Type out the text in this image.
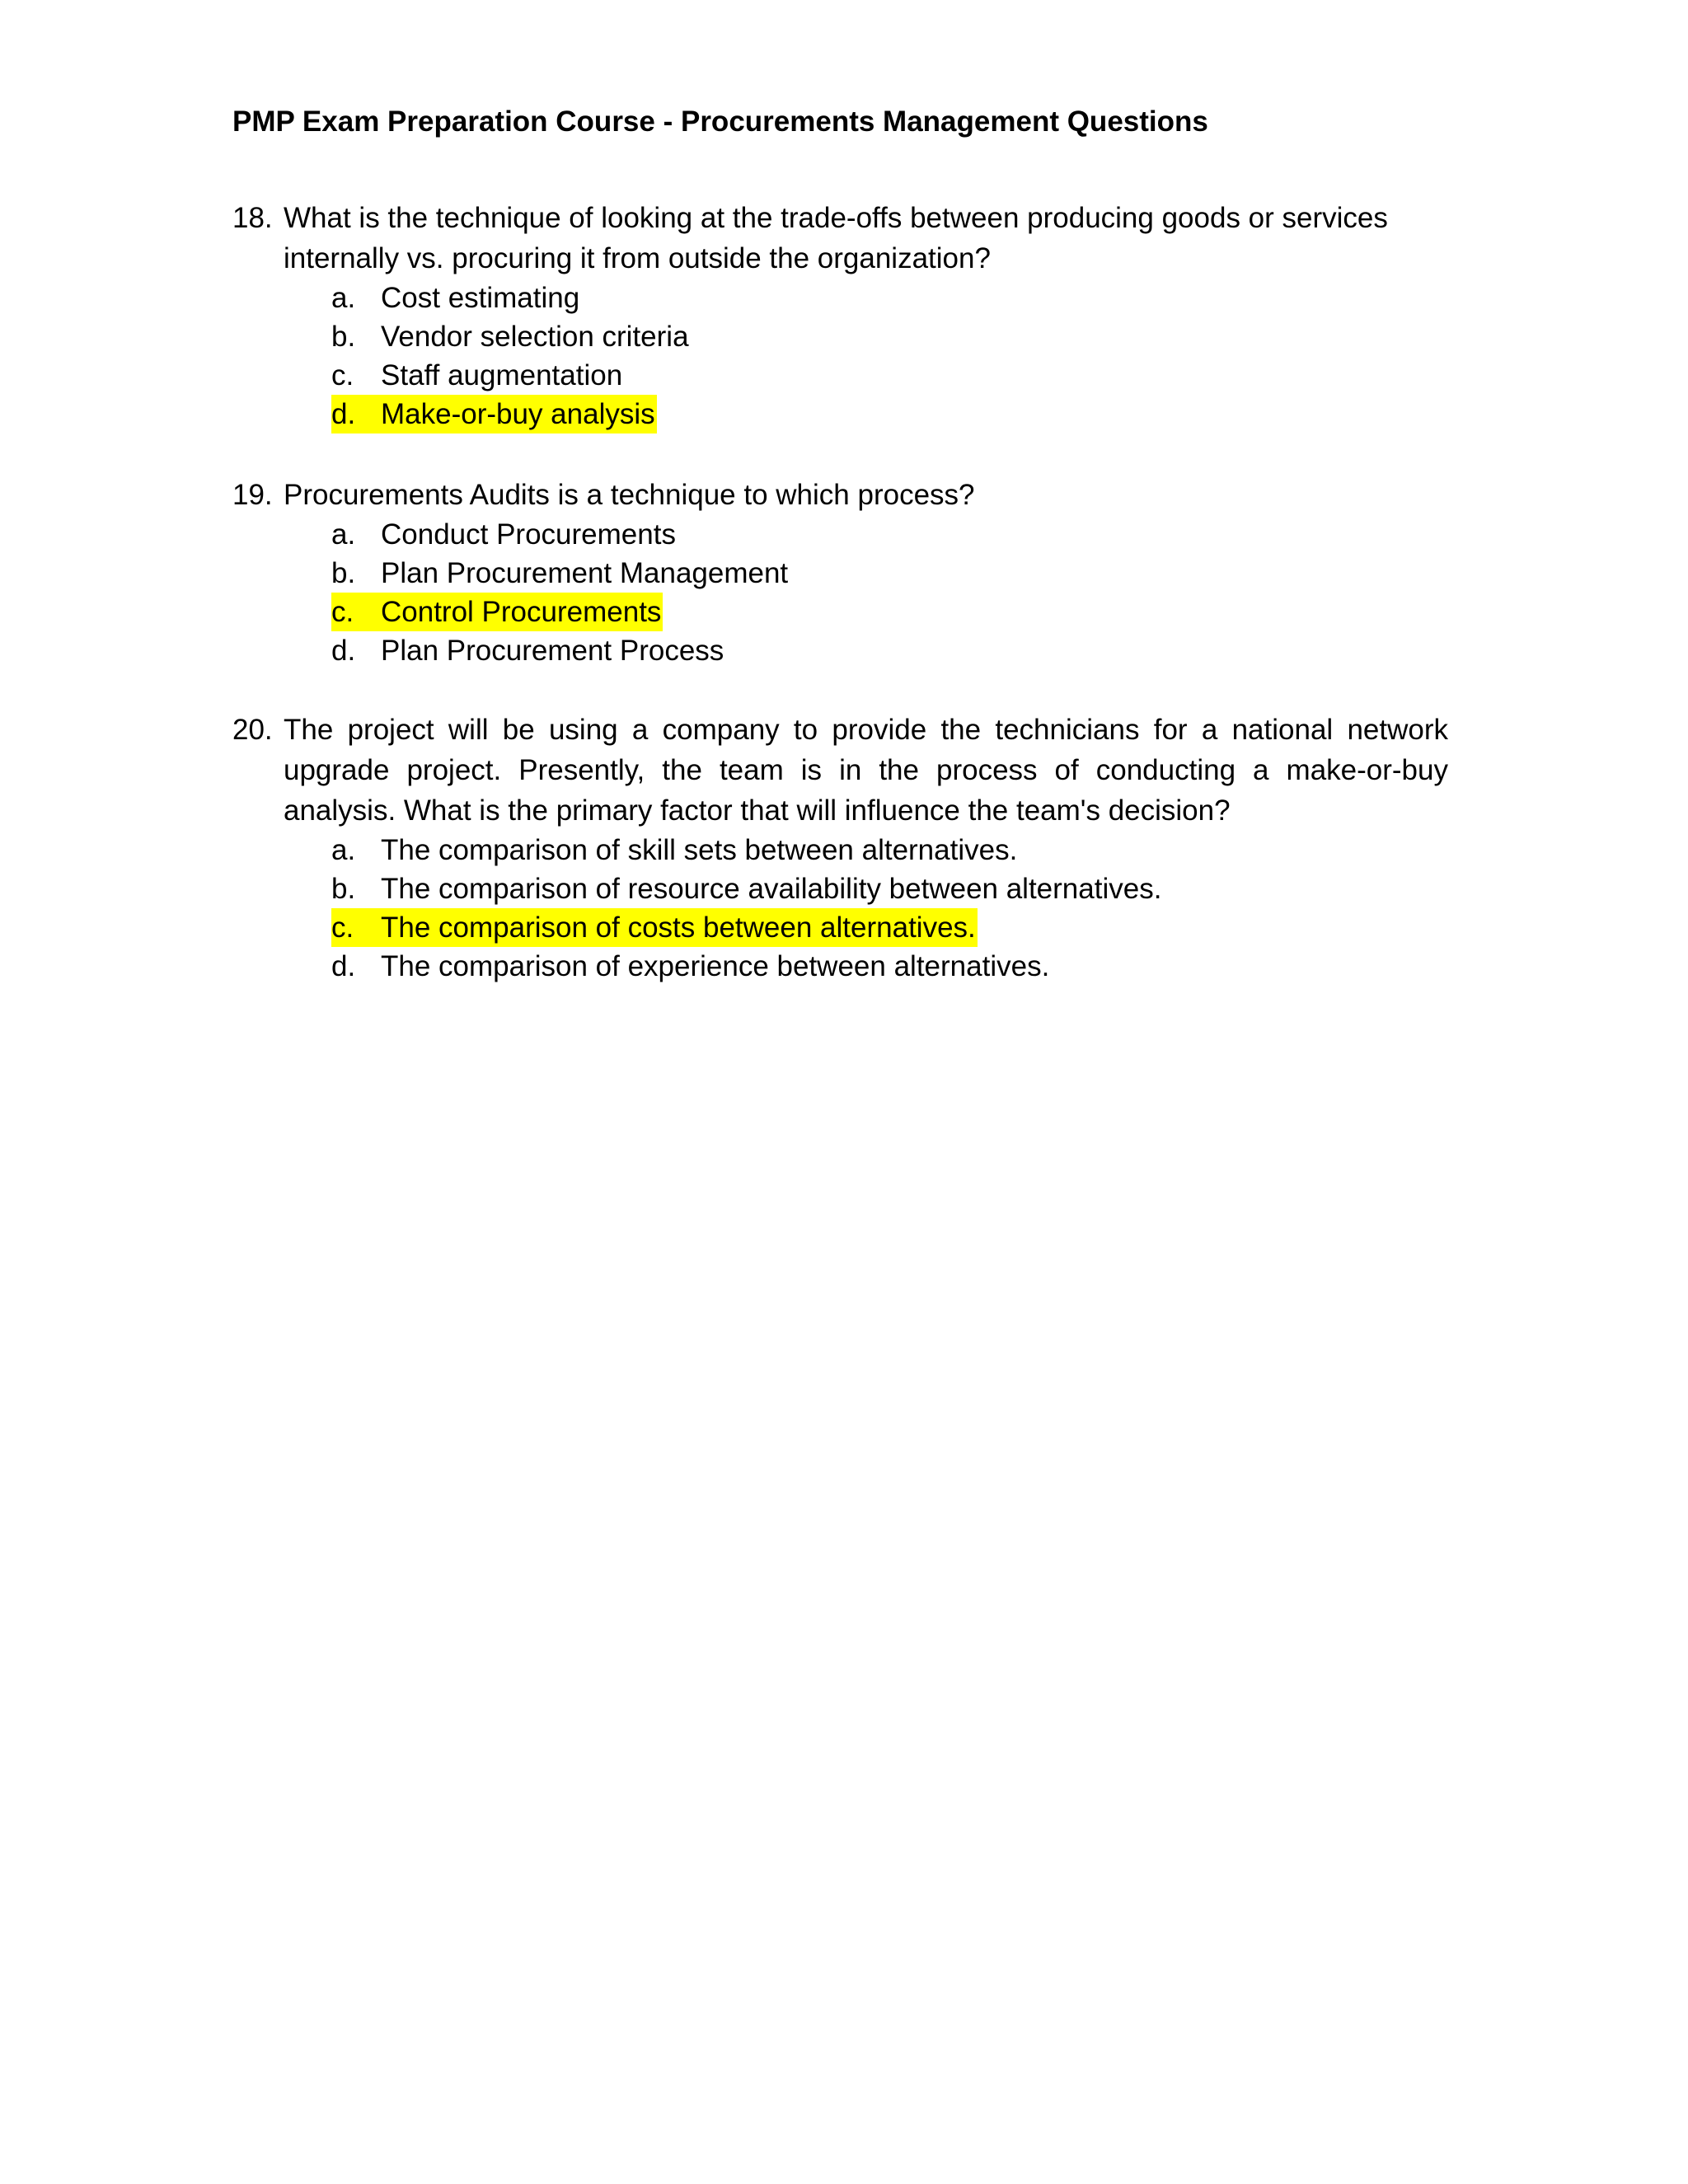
PMP Exam Preparation Course - Procurements Management Questions
18. What is the technique of looking at the trade-offs between producing goods or services internally vs. procuring it from outside the organization?
a. Cost estimating
b. Vendor selection criteria
c. Staff augmentation
d. Make-or-buy analysis
19. Procurements Audits is a technique to which process?
a. Conduct Procurements
b. Plan Procurement Management
c. Control Procurements
d. Plan Procurement Process
20. The project will be using a company to provide the technicians for a national network upgrade project. Presently, the team is in the process of conducting a make-or-buy analysis. What is the primary factor that will influence the team's decision?
a. The comparison of skill sets between alternatives.
b. The comparison of resource availability between alternatives.
c. The comparison of costs between alternatives.
d. The comparison of experience between alternatives.
